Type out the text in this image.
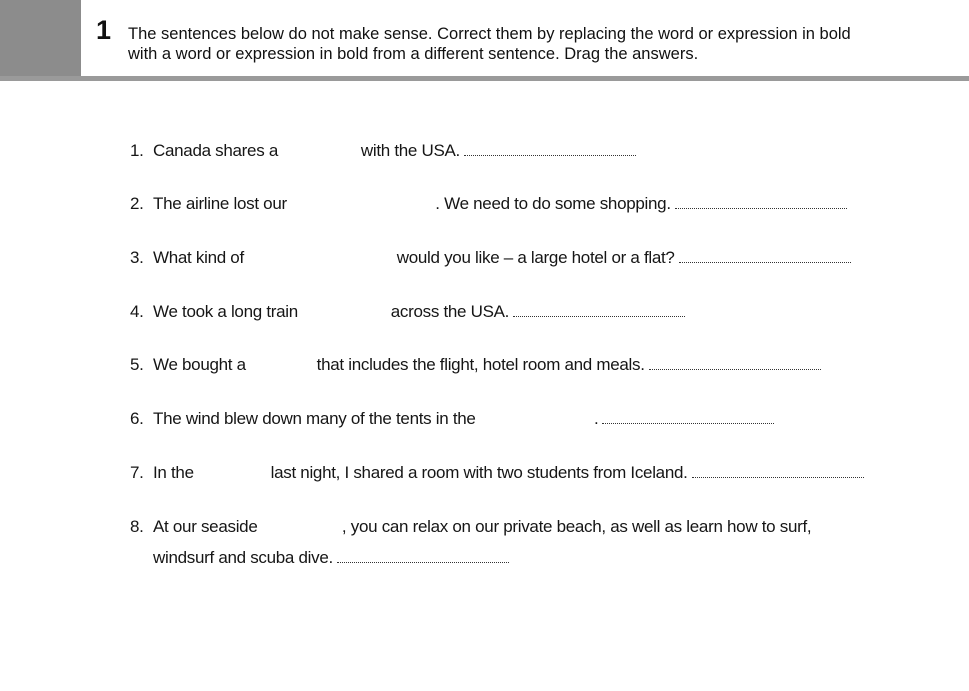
1 The sentences below do not make sense. Correct them by replacing the word or expression in bold
with a word or expression in bold from a different sentence. Drag the answers.
1. Canada shares a	with the USA.
2. The airline lost our	. We need to do some shopping.
3. What kind of	would you like – a large hotel or a flat?
4. We took a long train	across the USA.
5. We bought a	that includes the flight, hotel room and meals.
6. The wind blew down many of the tents in the	.
7. In the	last night, I shared a room with two students from Iceland.
8. At our seaside	, you can relax on our private beach, as well as learn how to surf,
windsurf and scuba dive.
